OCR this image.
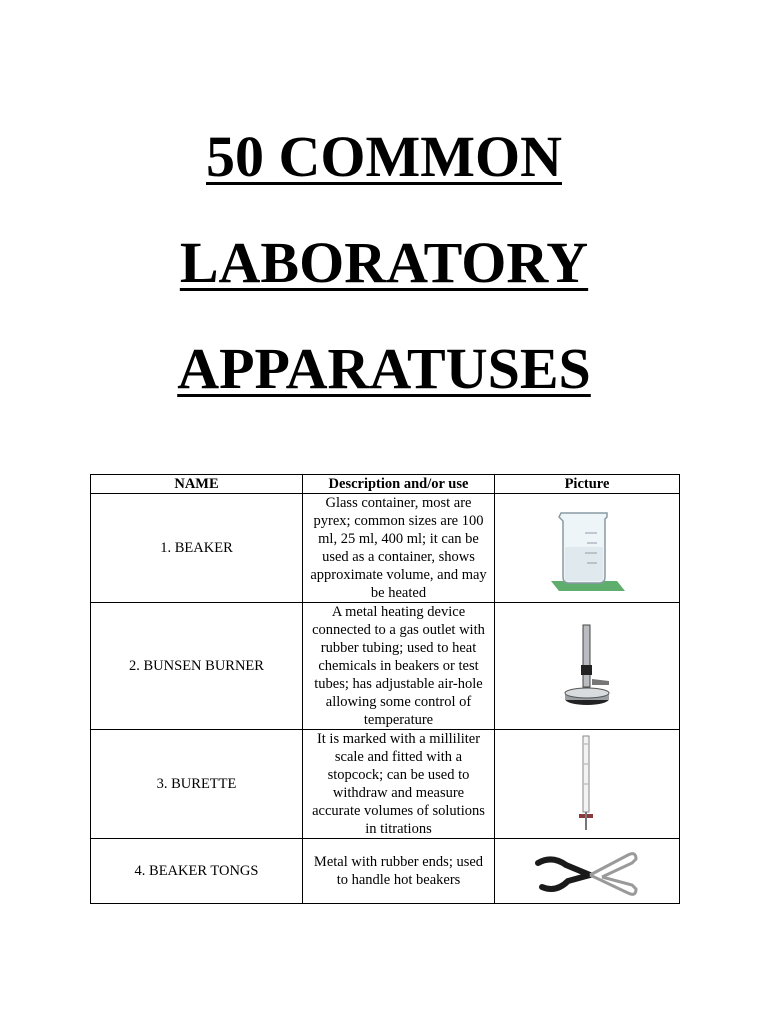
50 COMMON
LABORATORY
APPARATUSES
NAME	Description and/or use	Picture
1. BEAKER	Glass container, most are pyrex; common sizes are 100 ml, 25 ml, 400 ml; it can be used as a container, shows approximate volume, and may be heated	

2. BUNSEN BURNER	A metal heating device connected to a gas outlet with rubber tubing; used to heat chemicals in beakers or test tubes; has adjustable air-hole allowing some control of temperature	

3. BURETTE	It is marked with a milliliter scale and fitted with a stopcock; can be used to withdraw and measure accurate volumes of solutions in titrations	

4. BEAKER TONGS	Metal with rubber ends; used to handle hot beakers	
